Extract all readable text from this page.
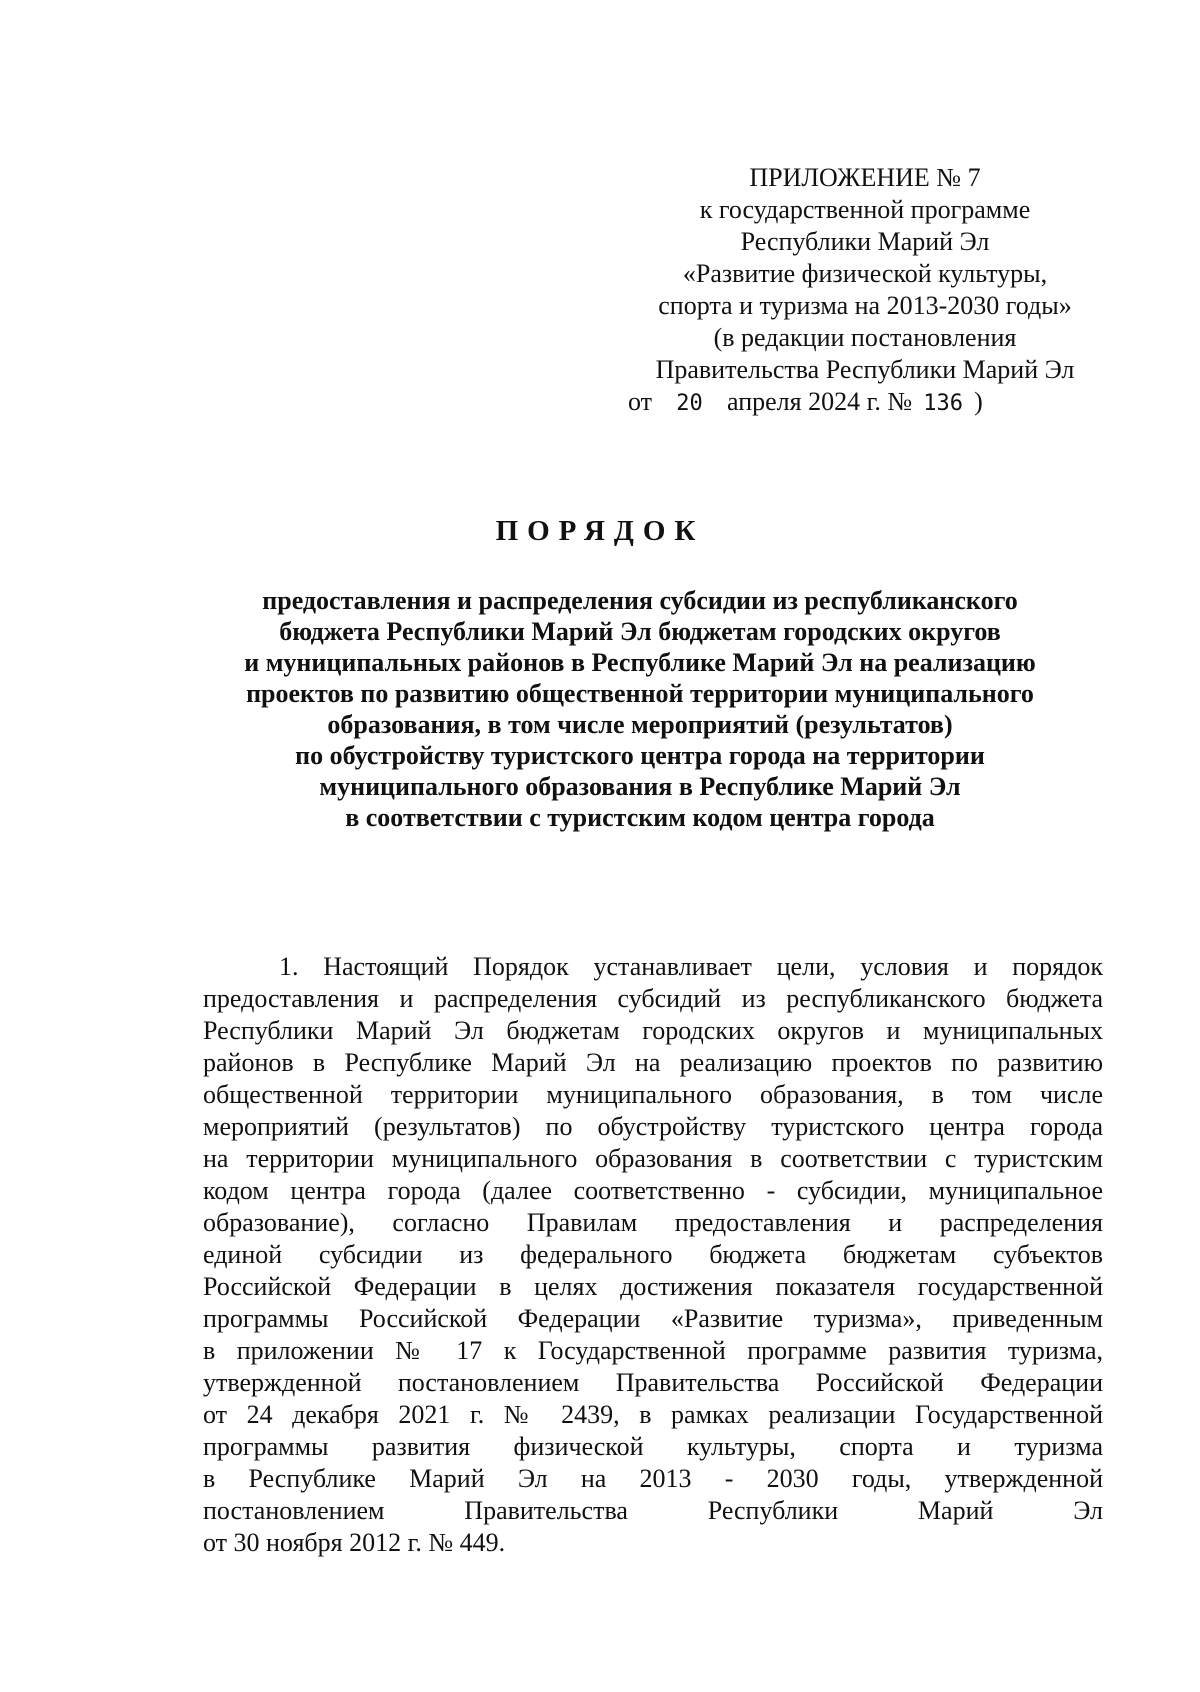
ПРИЛОЖЕНИЕ № 7
к государственной программе
Республики Марий Эл
«Развитие физической культуры,
спорта и туризма на 2013-2030 годы»
(в редакции постановления
Правительства Республики Марий Эл
от 20 апреля 2024 г. № 136 )
ПОРЯДОК
предоставления и распределения субсидии из республиканского
бюджета Республики Марий Эл бюджетам городских округов
и муниципальных районов в Республике Марий Эл на реализацию
проектов по развитию общественной территории муниципального
образования, в том числе мероприятий (результатов)
по обустройству туристского центра города на территории
муниципального образования в Республике Марий Эл
в соответствии с туристским кодом центра города
1. Настоящий Порядок устанавливает цели, условия и порядок
предоставления и распределения субсидий из республиканского бюджета
Республики Марий Эл бюджетам городских округов и муниципальных
районов в Республике Марий Эл на реализацию проектов по развитию
общественной территории муниципального образования, в том числе
мероприятий (результатов) по обустройству туристского центра города
на территории муниципального образования в соответствии с туристским
кодом центра города (далее соответственно - субсидии, муниципальное
образование), согласно Правилам предоставления и распределения
единой субсидии из федерального бюджета бюджетам субъектов
Российской Федерации в целях достижения показателя государственной
программы Российской Федерации «Развитие туризма», приведенным
в приложении № 17 к Государственной программе развития туризма,
утвержденной постановлением Правительства Российской Федерации
от 24 декабря 2021 г. № 2439, в рамках реализации Государственной
программы развития физической культуры, спорта и туризма
в Республике Марий Эл на 2013 - 2030 годы, утвержденной
постановлением Правительства Республики Марий Эл
от 30 ноября 2012 г. № 449.
